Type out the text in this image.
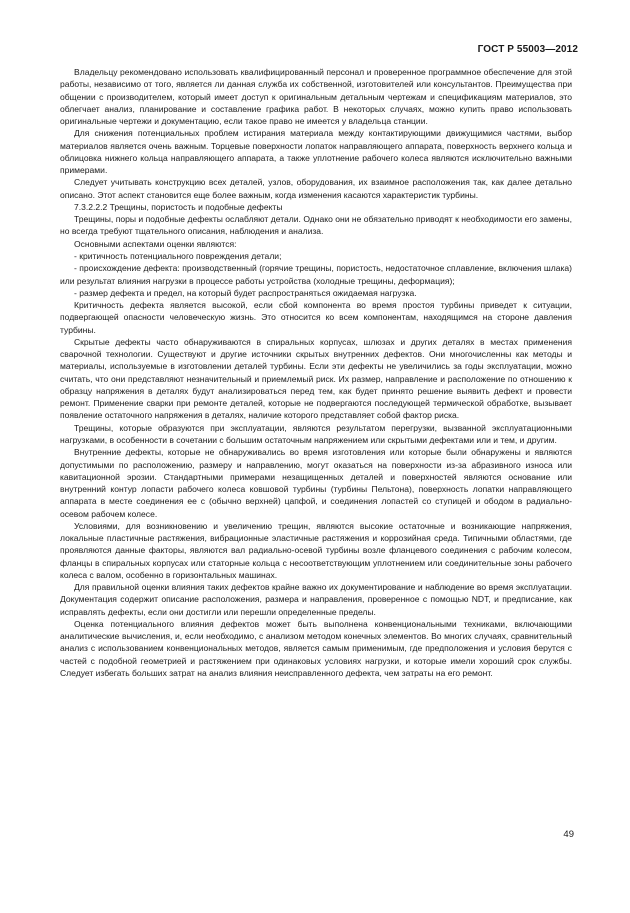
ГОСТ Р 55003—2012

Владельцу рекомендовано использовать квалифицированный персонал и проверенное программное обеспечение для этой работы, независимо от того, является ли данная служба их собственной, изготовителей или консультантов. Преимущества при общении с производителем, который имеет доступ к оригинальным детальным чертежам и спецификациям материалов, это облегчает анализ, планирование и составление графика работ. В некоторых случаях, можно купить право использовать оригинальные чертежи и документацию, если такое право не имеется у владельца станции.

Для снижения потенциальных проблем истирания материала между контактирующими движущимися частями, выбор материалов является очень важным. Торцевые поверхности лопаток направляющего аппарата, поверхность верхнего кольца и облицовка нижнего кольца направляющего аппарата, а также уплотнение рабочего колеса являются исключительно важными примерами.

Следует учитывать конструкцию всех деталей, узлов, оборудования, их взаимное расположения так, как далее детально описано. Этот аспект становится еще более важным, когда изменения касаются характеристик турбины.

7.3.2.2.2 Трещины, пористость и подобные дефекты

Трещины, поры и подобные дефекты ослабляют детали. Однако они не обязательно приводят к необходимости его замены, но всегда требуют тщательного описания, наблюдения и анализа.

Основными аспектами оценки являются:

- критичность потенциального повреждения детали;

- происхождение дефекта: производственный (горячие трещины, пористость, недостаточное сплавление, включения шлака) или результат влияния нагрузки в процессе работы устройства (холодные трещины, деформация);

- размер дефекта и предел, на который будет распространяться ожидаемая нагрузка.

Критичность дефекта является высокой, если сбой компонента во время простоя турбины приведет к ситуации, подвергающей опасности человеческую жизнь. Это относится ко всем компонентам, находящимся на стороне давления турбины.

Скрытые дефекты часто обнаруживаются в спиральных корпусах, шлюзах и других деталях в местах применения сварочной технологии. Существуют и другие источники скрытых внутренних дефектов. Они многочисленны как методы и материалы, используемые в изготовлении деталей турбины. Если эти дефекты не увеличились за годы эксплуатации, можно считать, что они представляют незначительный и приемлемый риск. Их размер, направление и расположение по отношению к образцу напряжения в деталях будут анализироваться перед тем, как будет принято решение выявить дефект и провести ремонт. Применение сварки при ремонте деталей, которые не подвергаются последующей термической обработке, вызывает появление остаточного напряжения в деталях, наличие которого представляет собой фактор риска.

Трещины, которые образуются при эксплуатации, являются результатом перегрузки, вызванной эксплуатационными нагрузками, в особенности в сочетании с большим остаточным напряжением или скрытыми дефектами или и тем, и другим.

Внутренние дефекты, которые не обнаруживались во время изготовления или которые были обнаружены и являются допустимыми по расположению, размеру и направлению, могут оказаться на поверхности из-за абразивного износа или кавитационной эрозии. Стандартными примерами незащищенных деталей и поверхностей являются основание или внутренний контур лопасти рабочего колеса ковшовой турбины (турбины Пельтона), поверхность лопатки направляющего аппарата в месте соединения ее с (обычно верхней) цапфой, и соединения лопастей со ступицей и ободом в радиально-осевом рабочем колесе.

Условиями, для возникновению и увеличению трещин, являются высокие остаточные и возникающие напряжения, локальные пластичные растяжения, вибрационные эластичные растяжения и коррозийная среда. Типичными областями, где проявляются данные факторы, являются вал радиально-осевой турбины возле фланцевого соединения с рабочим колесом, фланцы в спиральных корпусах или статорные кольца с несоответствующим уплотнением или соединительные зоны рабочего колеса с валом, особенно в горизонтальных машинах.

Для правильной оценки влияния таких дефектов крайне важно их документирование и наблюдение во время эксплуатации. Документация содержит описание расположения, размера и направления, проверенное с помощью NDT, и предписание, как исправлять дефекты, если они достигли или перешли определенные пределы.

Оценка потенциального влияния дефектов может быть выполнена конвенциональными техниками, включающими аналитические вычисления, и, если необходимо, с анализом методом конечных элементов. Во многих случаях, сравнительный анализ с использованием конвенциональных методов, является самым применимым, где предположения и условия берутся с частей с подобной геометрией и растяжением при одинаковых условиях нагрузки, и которые имели хороший срок службы. Следует избегать больших затрат на анализ влияния неисправленного дефекта, чем затраты на его ремонт.

49
